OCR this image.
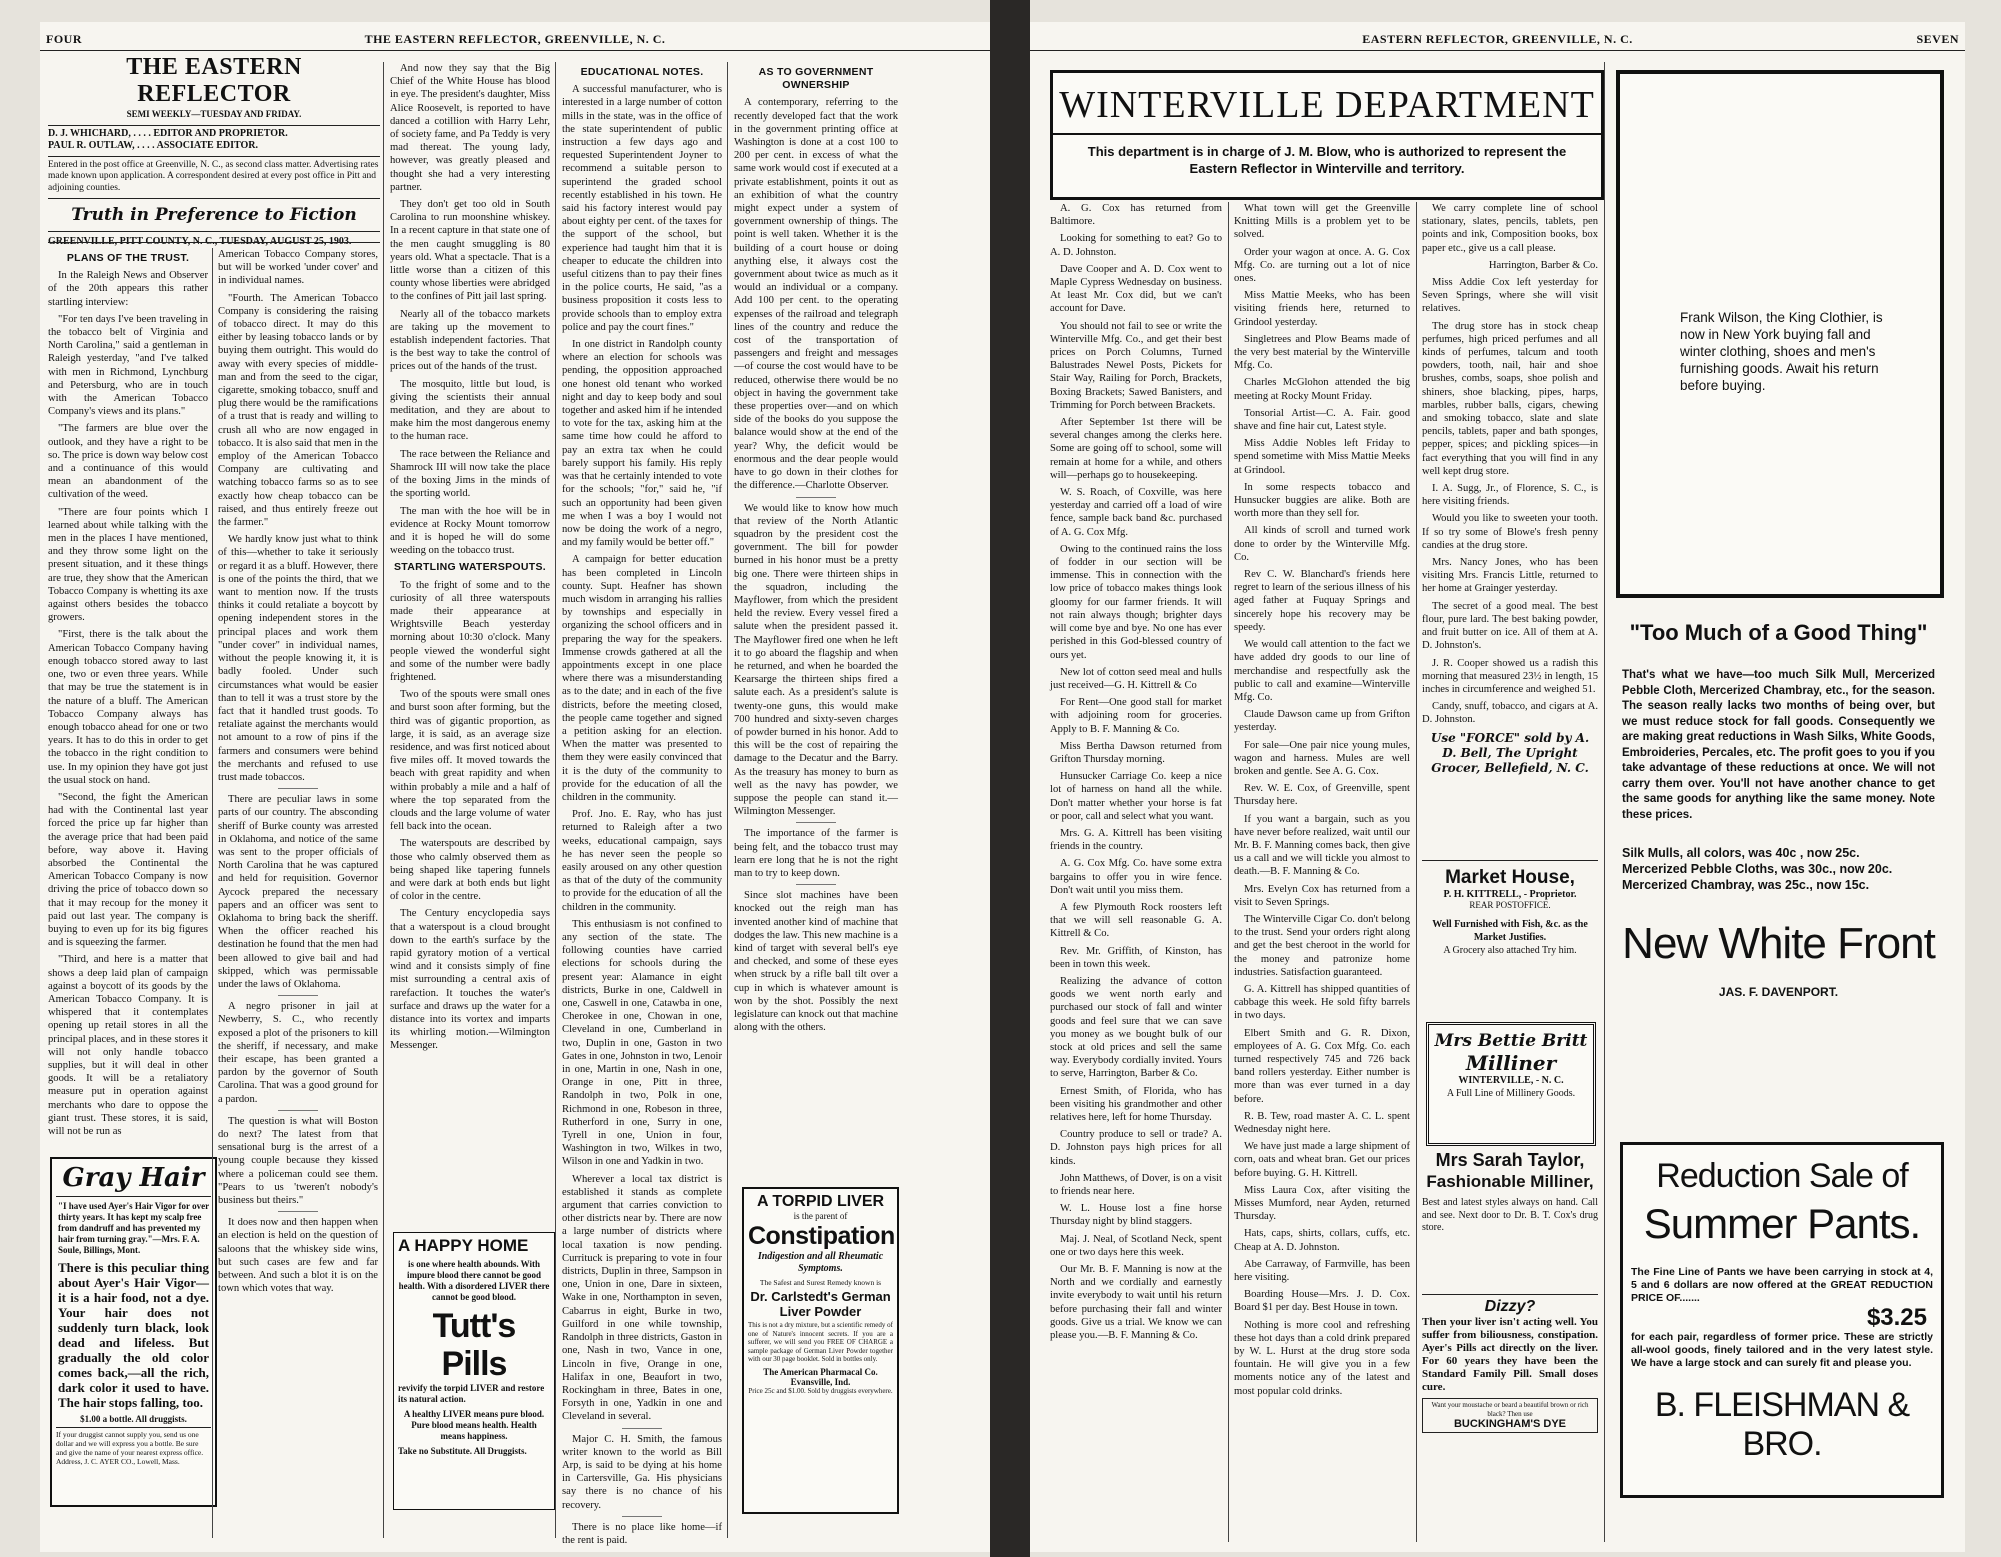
FOUR	THE EASTERN REFLECTOR, GREENVILLE, N. C.
THE EASTERN REFLECTOR
SEMI WEEKLY—TUESDAY AND FRIDAY.
D. J. WHICHARD, . . . . EDITOR AND PROPRIETOR.
PAUL R. OUTLAW, . . . . ASSOCIATE EDITOR.
Entered in the post office at Greenville, N. C., as second class matter. Advertising rates made known upon application. A correspondent desired at every post office in Pitt and adjoining counties.
Truth in Preference to Fiction
PLANS OF THE TRUST.

In the Raleigh News and Observer of the 20th appears this rather startling interview:

"For ten days I've been traveling in the tobacco belt of Virginia and North Carolina," said a gentleman in Raleigh yesterday, "and I've talked with men in Richmond, Lynchburg and Petersburg, who are in touch with the American Tobacco Company's views and its plans."

"The farmers are blue over the outlook, and they have a right to be so. The price is down way below cost and a continuance of this would mean an abandonment of the cultivation of the weed.

"There are four points which I learned about while talking with the men in the places I have mentioned, and they throw some light on the present situation, and it these things are true, they show that the American Tobacco Company is whetting its axe against others besides the tobacco growers.

"First, there is the talk about the American Tobacco Company having enough tobacco stored away to last one, two or even three years. While that may be true the statement is in the nature of a bluff. The American Tobacco Company always has enough tobacco ahead for one or two years. It has to do this in order to get the tobacco in the right condition to use. In my opinion they have got just the usual stock on hand.

"Second, the fight the American had with the Continental last year forced the price up far higher than the average price that had been paid before, way above it. Having absorbed the Continental the American Tobacco Company is now driving the price of tobacco down so that it may recoup for the money it paid out last year. The company is buying to even up for its big figures and is squeezing the farmer.

"Third, and here is a matter that shows a deep laid plan of campaign against a boycott of its goods by the American Tobacco Company. It is whispered that it contemplates opening up retail stores in all the principal places, and in these stores it will not only handle tobacco supplies, but it will deal in other goods. It will be a retaliatory measure put in operation against merchants who dare to oppose the giant trust. These stores, it is said, will not be run as

Gray Hair
"I have used Ayer's Hair Vigor for over thirty years. It has kept my scalp free from dandruff and has prevented my hair from turning gray."—Mrs. F. A. Soule, Billings, Mont.
There is this peculiar thing about Ayer's Hair Vigor—it is a hair food, not a dye. Your hair does not suddenly turn black, look dead and lifeless. But gradually the old color comes back,—all the rich, dark color it used to have. The hair stops falling, too.
$1.00 a bottle. All druggists.
If your druggist cannot supply you, send us one dollar and we will express you a bottle. Be sure and give the name of your nearest express office. Address, J. C. AYER CO., Lowell, Mass.

American Tobacco Company stores, but will be worked 'under cover' and in individual names.

"Fourth. The American Tobacco Company is considering the raising of tobacco direct. It may do this either by leasing tobacco lands or by buying them outright. This would do away with every species of middle-man and from the seed to the cigar, cigarette, smoking tobacco, snuff and plug there would be the ramifications of a trust that is ready and willing to crush all who are now engaged in tobacco. It is also said that men in the employ of the American Tobacco Company are cultivating and watching tobacco farms so as to see exactly how cheap tobacco can be raised, and thus entirely freeze out the farmer."

We hardly know just what to think of this—whether to take it seriously or regard it as a bluff. However, there is one of the points the third, that we want to mention now. If the trusts thinks it could retaliate a boycott by opening independent stores in the principal places and work them "under cover" in individual names, without the people knowing it, it is badly fooled. Under such circumstances what would be easier than to tell it was a trust store by the fact that it handled trust goods. To retaliate against the merchants would not amount to a row of pins if the farmers and consumers were behind the merchants and refused to use trust made tobaccos.

There are peculiar laws in some parts of our country. The absconding sheriff of Burke county was arrested in Oklahoma, and notice of the same was sent to the proper officials of North Carolina that he was captured and held for requisition. Governor Aycock prepared the necessary papers and an officer was sent to Oklahoma to bring back the sheriff. When the officer reached his destination he found that the men had been allowed to give bail and had skipped, which was permissable under the laws of Oklahoma.

A negro prisoner in jail at Newberry, S. C., who recently exposed a plot of the prisoners to kill the sheriff, if necessary, and make their escape, has been granted a pardon by the governor of South Carolina. That was a good ground for a pardon.

The question is what will Boston do next? The latest from that sensational burg is the arrest of a young couple because they kissed where a policeman could see them. "Pears to us 'tweren't nobody's business but theirs."

It does now and then happen when an election is held on the question of saloons that the whiskey side wins, but such cases are few and far between. And such a blot it is on the town which votes that way.

And now they say that the Big Chief of the White House has blood in eye. The president's daughter, Miss Alice Roosevelt, is reported to have danced a cotillion with Harry Lehr, of society fame, and Pa Teddy is very mad thereat. The young lady, however, was greatly pleased and thought she had a very interesting partner.

They don't get too old in South Carolina to run moonshine whiskey. In a recent capture in that state one of the men caught smuggling is 80 years old. What a spectacle. That is a little worse than a citizen of this county whose liberties were abridged to the confines of Pitt jail last spring.

Nearly all of the tobacco markets are taking up the movement to establish independent factories. That is the best way to take the control of prices out of the hands of the trust.

The mosquito, little but loud, is giving the scientists their annual meditation, and they are about to make him the most dangerous enemy to the human race.

The race between the Reliance and Shamrock III will now take the place of the boxing Jims in the minds of the sporting world.

The man with the hoe will be in evidence at Rocky Mount tomorrow and it is hoped he will do some weeding on the tobacco trust.

STARTLING WATERSPOUTS.

To the fright of some and to the curiosity of all three waterspouts made their appearance at Wrightsville Beach yesterday morning about 10:30 o'clock. Many people viewed the wonderful sight and some of the number were badly frightened.

Two of the spouts were small ones and burst soon after forming, but the third was of gigantic proportion, as large, it is said, as an average size residence, and was first noticed about five miles off. It moved towards the beach with great rapidity and when within probably a mile and a half of where the top separated from the clouds and the large volume of water fell back into the ocean.

The waterspouts are described by those who calmly observed them as being shaped like tapering funnels and were dark at both ends but light of color in the centre.

The Century encyclopedia says that a waterspout is a cloud brought down to the earth's surface by the rapid gyratory motion of a vertical wind and it consists simply of fine mist surrounding a central axis of rarefaction. It touches the water's surface and draws up the water for a distance into its vortex and imparts its whirling motion.—Wilmington Messenger.

A HAPPY HOME
is one where health abounds. With impure blood there cannot be good health. With a disordered LIVER there cannot be good blood.
Tutt's Pills
revivify the torpid LIVER and restore its natural action.
A healthy LIVER means pure blood. Pure blood means health. Health means happiness.
Take no Substitute. All Druggists.
EDUCATIONAL NOTES.

A successful manufacturer, who is interested in a large number of cotton mills in the state, was in the office of the state superintendent of public instruction a few days ago and requested Superintendent Joyner to recommend a suitable person to superintend the graded school recently established in his town. He said his factory interest would pay about eighty per cent. of the taxes for the support of the school, but experience had taught him that it is cheaper to educate the children into useful citizens than to pay their fines in the police courts, He said, "as a business proposition it costs less to provide schools than to employ extra police and pay the court fines."

In one district in Randolph county where an election for schools was pending, the opposition approached one honest old tenant who worked night and day to keep body and soul together and asked him if he intended to vote for the tax, asking him at the same time how could he afford to pay an extra tax when he could barely support his family. His reply was that he certainly intended to vote for the schools; "for," said he, "if such an opportunity had been given me when I was a boy I would not now be doing the work of a negro, and my family would be better off."

A campaign for better education has been completed in Lincoln county. Supt. Heafner has shown much wisdom in arranging his rallies by townships and especially in organizing the school officers and in preparing the way for the speakers. Immense crowds gathered at all the appointments except in one place where there was a misunderstanding as to the date; and in each of the five districts, before the meeting closed, the people came together and signed a petition asking for an election. When the matter was presented to them they were easily convinced that it is the duty of the community to provide for the education of all the children in the community.

Prof. Jno. E. Ray, who has just returned to Raleigh after a two weeks, educational campaign, says he has never seen the people so easily aroused on any other question as that of the duty of the community to provide for the education of all the children in the community.

This enthusiasm is not confined to any section of the state. The following counties have carried elections for schools during the present year: Alamance in eight districts, Burke in one, Caldwell in one, Caswell in one, Catawba in one, Cherokee in one, Chowan in one, Cleveland in one, Cumberland in two, Duplin in one, Gaston in two Gates in one, Johnston in two, Lenoir in one, Martin in one, Nash in one, Orange in one, Pitt in three, Randolph in two, Polk in one, Richmond in one, Robeson in three, Rutherford in one, Surry in one, Tyrell in one, Union in four, Washington in two, Wilkes in two, Wilson in one and Yadkin in two.

Wherever a local tax district is established it stands as complete argument that carries conviction to other districts near by. There are now a large number of districts where local taxation is now pending. Currituck is preparing to vote in four districts, Duplin in three, Sampson in one, Union in one, Dare in sixteen, Wake in one, Northampton in seven, Cabarrus in eight, Burke in two, Guilford in one while township, Randolph in three districts, Gaston in one, Nash in two, Vance in one, Lincoln in five, Orange in one, Halifax in one, Beaufort in two, Rockingham in three, Bates in one, Forsyth in one, Yadkin in one and Cleveland in several.

Major C. H. Smith, the famous writer known to the world as Bill Arp, is said to be dying at his home in Cartersville, Ga. His physicians say there is no chance of his recovery.

There is no place like home—if the rent is paid.

AS TO GOVERNMENT OWNERSHIP

A contemporary, referring to the recently developed fact that the work in the government printing office at Washington is done at a cost 100 to 200 per cent. in excess of what the same work would cost if executed at a private establishment, points it out as an exhibition of what the country might expect under a system of government ownership of things. The point is well taken. Whether it is the building of a court house or doing anything else, it always cost the government about twice as much as it would an individual or a company. Add 100 per cent. to the operating expenses of the railroad and telegraph lines of the country and reduce the cost of the transportation of passengers and freight and messages—of course the cost would have to be reduced, otherwise there would be no object in having the government take these properties over—and on which side of the books do you suppose the balance would show at the end of the year? Why, the deficit would be enormous and the dear people would have to go down in their clothes for the difference.—Charlotte Observer.

We would like to know how much that review of the North Atlantic squadron by the president cost the government. The bill for powder burned in his honor must be a pretty big one. There were thirteen ships in the squadron, including the Mayflower, from which the president held the review. Every vessel fired a salute when the president passed it. The Mayflower fired one when he left it to go aboard the flagship and when he returned, and when he boarded the Kearsarge the thirteen ships fired a salute each. As a president's salute is twenty-one guns, this would make 700 hundred and sixty-seven charges of powder burned in his honor. Add to this will be the cost of repairing the damage to the Decatur and the Barry. As the treasury has money to burn as well as the navy has powder, we suppose the people can stand it.—Wilmington Messenger.

The importance of the farmer is being felt, and the tobacco trust may learn ere long that he is not the right man to try to keep down.

Since slot machines have been knocked out the reigh man has invented another kind of machine that dodges the law. This new machine is a kind of target with several bell's eye and checked, and some of these eyes when struck by a rifle ball tilt over a cup in which is whatever amount is won by the shot. Possibly the next legislature can knock out that machine along with the others.

A TORPID LIVER
is the parent of
Constipation
Indigestion and all Rheumatic Symptoms.
The Safest and Surest Remedy known is
Dr. Carlstedt's German Liver Powder
This is not a dry mixture, but a scientific remedy of one of Nature's innocent secrets. If you are a sufferer, we will send you FREE OF CHARGE a sample package of German Liver Powder together with our 30 page booklet. Sold in bottles only.
The American Pharmacal Co.
Evansville, Ind.
Price 25c and $1.00. Sold by druggists everywhere.
EASTERN REFLECTOR, GREENVILLE, N. C.	SEVEN
WINTERVILLE DEPARTMENT
This department is in charge of J. M. Blow, who is authorized to represent the Eastern Reflector in Winterville and territory.

A. G. Cox has returned from Baltimore.

Looking for something to eat? Go to A. D. Johnston.

Dave Cooper and A. D. Cox went to Maple Cypress Wednesday on business. At least Mr. Cox did, but we can't account for Dave.

You should not fail to see or write the Winterville Mfg. Co., and get their best prices on Porch Columns, Turned Balustrades Newel Posts, Pickets for Stair Way, Railing for Porch, Brackets, Boxing Brackets; Sawed Banisters, and Trimming for Porch between Brackets.

After September 1st there will be several changes among the clerks here. Some are going off to school, some will remain at home for a while, and others will—perhaps go to housekeeping.

W. S. Roach, of Coxville, was here yesterday and carried off a load of wire fence, sample back band &c. purchased of A. G. Cox Mfg.

Owing to the continued rains the loss of fodder in our section will be immense. This in connection with the low price of tobacco makes things look gloomy for our farmer friends. It will not rain always though; brighter days will come bye and bye. No one has ever perished in this God-blessed country of ours yet.

New lot of cotton seed meal and hulls just received—G. H. Kittrell & Co

For Rent—One good stall for market with adjoining room for groceries. Apply to B. F. Manning & Co.

Miss Bertha Dawson returned from Grifton Thursday morning.

Hunsucker Carriage Co. keep a nice lot of harness on hand all the while. Don't matter whether your horse is fat or poor, call and select what you want.

Mrs. G. A. Kittrell has been visiting friends in the country.

A. G. Cox Mfg. Co. have some extra bargains to offer you in wire fence. Don't wait until you miss them.

A few Plymouth Rock roosters left that we will sell reasonable G. A. Kittrell & Co.

Rev. Mr. Griffith, of Kinston, has been in town this week.

Realizing the advance of cotton goods we went north early and purchased our stock of fall and winter goods and feel sure that we can save you money as we bought bulk of our stock at old prices and sell the same way. Everybody cordially invited. Yours to serve, Harrington, Barber & Co.

Ernest Smith, of Florida, who has been visiting his grandmother and other relatives here, left for home Thursday.

Country produce to sell or trade? A. D. Johnston pays high prices for all kinds.

John Matthews, of Dover, is on a visit to friends near here.

W. L. House lost a fine horse Thursday night by blind staggers.

Maj. J. Neal, of Scotland Neck, spent one or two days here this week.

Our Mr. B. F. Manning is now at the North and we cordially and earnestly invite everybody to wait until his return before purchasing their fall and winter goods. Give us a trial. We know we can please you.—B. F. Manning & Co.

What town will get the Greenville Knitting Mills is a problem yet to be solved.

Order your wagon at once. A. G. Cox Mfg. Co. are turning out a lot of nice ones.

Miss Mattie Meeks, who has been visiting friends here, returned to Grindool yesterday.

Singletrees and Plow Beams made of the very best material by the Winterville Mfg. Co.

Charles McGlohon attended the big meeting at Rocky Mount Friday.

Tonsorial Artist—C. A. Fair. good shave and fine hair cut, Latest style.

Miss Addie Nobles left Friday to spend sometime with Miss Mattie Meeks at Grindool.

In some respects tobacco and Hunsucker buggies are alike. Both are worth more than they sell for.

All kinds of scroll and turned work done to order by the Winterville Mfg. Co.

Rev C. W. Blanchard's friends here regret to learn of the serious illness of his aged father at Fuquay Springs and sincerely hope his recovery may be speedy.

We would call attention to the fact we have added dry goods to our line of merchandise and respectfully ask the public to call and examine—Winterville Mfg. Co.

Claude Dawson came up from Grifton yesterday.

For sale—One pair nice young mules, wagon and harness. Mules are well broken and gentle. See A. G. Cox.

Rev. W. E. Cox, of Greenville, spent Thursday here.

If you want a bargain, such as you have never before realized, wait until our Mr. B. F. Manning comes back, then give us a call and we will tickle you almost to death.—B. F. Manning & Co.

Mrs. Evelyn Cox has returned from a visit to Seven Springs.

The Winterville Cigar Co. don't belong to the trust. Send your orders right along and get the best cheroot in the world for the money and patronize home industries. Satisfaction guaranteed.

G. A. Kittrell has shipped quantities of cabbage this week. He sold fifty barrels in two days.

Elbert Smith and G. R. Dixon, employees of A. G. Cox Mfg. Co. each turned respectively 745 and 726 back band rollers yesterday. Either number is more than was ever turned in a day before.

R. B. Tew, road master A. C. L. spent Wednesday night here.

We have just made a large shipment of corn, oats and wheat bran. Get our prices before buying. G. H. Kittrell.

Miss Laura Cox, after visiting the Misses Mumford, near Ayden, returned Thursday.

Hats, caps, shirts, collars, cuffs, etc. Cheap at A. D. Johnston.

Abe Carraway, of Farmville, has been here visiting.

Boarding House—Mrs. J. D. Cox. Board $1 per day. Best House in town.

Nothing is more cool and refreshing these hot days than a cold drink prepared by W. L. Hurst at the drug store soda fountain. He will give you in a few moments notice any of the latest and most popular cold drinks.

We carry complete line of school stationary, slates, pencils, tablets, pen points and ink, Composition books, box paper etc., give us a call please.

Harrington, Barber & Co.

Miss Addie Cox left yesterday for Seven Springs, where she will visit relatives.

The drug store has in stock cheap perfumes, high priced perfumes and all kinds of perfumes, talcum and tooth powders, tooth, nail, hair and shoe brushes, combs, soaps, shoe polish and shiners, shoe blacking, pipes, harps, marbles, rubber balls, cigars, chewing and smoking tobacco, slate and slate pencils, tablets, paper and bath sponges, pepper, spices; and pickling spices—in fact everything that you will find in any well kept drug store.

I. A. Sugg, Jr., of Florence, S. C., is here visiting friends.

Would you like to sweeten your tooth. If so try some of Blowe's fresh penny candies at the drug store.

Mrs. Nancy Jones, who has been visiting Mrs. Francis Little, returned to her home at Grainger yesterday.

The secret of a good meal. The best flour, pure lard. The best baking powder, and fruit butter on ice. All of them at A. D. Johnston's.

J. R. Cooper showed us a radish this morning that measured 23½ in length, 15 inches in circumference and weighed 51.

Candy, snuff, tobacco, and cigars at A. D. Johnston.

Use "FORCE" sold by A. D. Bell, The Upright Grocer, Bellefield, N. C.

Market House,
P. H. KITTRELL, - Proprietor.
REAR POSTOFFICE.
Well Furnished with Fish, &c. as the Market Justifies.
A Grocery also attached Try him.
Mrs Bettie Britt
Milliner
WINTERVILLE, - N. C.
A Full Line of Millinery Goods.
Mrs Sarah Taylor,
Fashionable Milliner,
Best and latest styles always on hand. Call and see. Next door to Dr. B. T. Cox's drug store.
Dizzy?
Then your liver isn't acting well. You suffer from biliousness, constipation. Ayer's Pills act directly on the liver. For 60 years they have been the Standard Family Pill. Small doses cure.
Want your moustache or beard a beautiful brown or rich black? Then use
BUCKINGHAM'S DYE
Frank Wilson, the King Clothier, is now in New York buying fall and winter clothing, shoes and men's furnishing goods. Await his return before buying.
"Too Much of a Good Thing"
That's what we have—too much Silk Mull, Mercerized Pebble Cloth, Mercerized Chambray, etc., for the season. The season really lacks two months of being over, but we must reduce stock for fall goods. Consequently we are making great reductions in Wash Silks, White Goods, Embroideries, Percales, etc. The profit goes to you if you take advantage of these reductions at once. We will not carry them over. You'll not have another chance to get the same goods for anything like the same money. Note these prices.
Silk Mulls, all colors, was 40c , now 25c.
Mercerized Pebble Cloths, was 30c., now 20c.
Mercerized Chambray, was 25c., now 15c.
New White Front
JAS. F. DAVENPORT.
Reduction Sale of
Summer Pants.
The Fine Line of Pants we have been carrying in stock at 4, 5 and 6 dollars are now offered at the GREAT REDUCTION PRICE OF.......
$3.25
for each pair, regardless of former price. These are strictly all-wool goods, finely tailored and in the very latest style. We have a large stock and can surely fit and please you.
B. FLEISHMAN & BRO.
